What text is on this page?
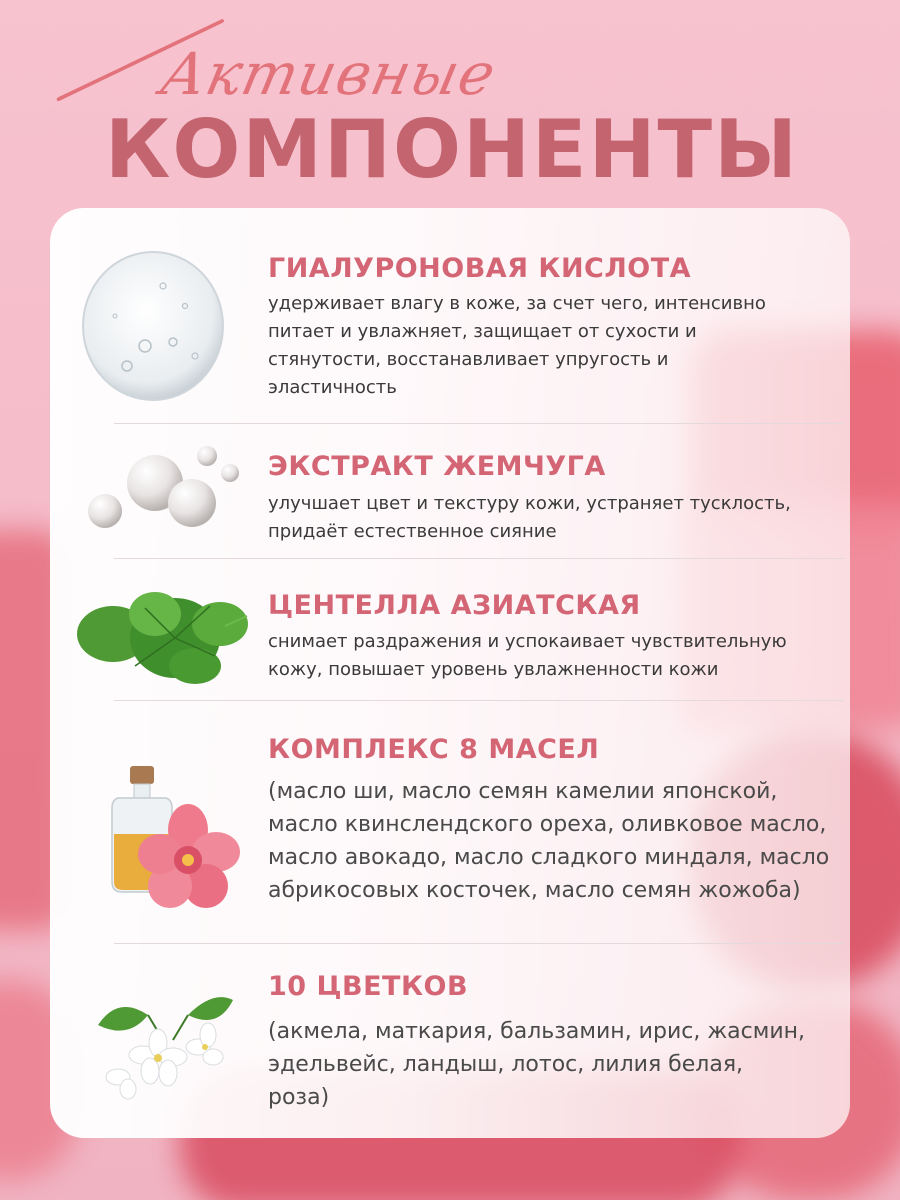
Активные
КОМПОНЕНТЫ
ГИАЛУРОНОВАЯ КИСЛОТА

удерживает влагу в коже, за счет чего, интенсивно питает и увлажняет, защищает от сухости и стянутости, восстанавливает упругость и эластичность

ЭКСТРАКТ ЖЕМЧУГА

улучшает цвет и текстуру кожи, устраняет тусклость, придаёт естественное сияние

ЦЕНТЕЛЛА АЗИАТСКАЯ

снимает раздражения и успокаивает чувствительную кожу, повышает уровень увлажненности кожи

КОМПЛЕКС 8 МАСЕЛ

(масло ши, масло семян камелии японской, масло квинслендского ореха, оливковое масло, масло авокадо, масло сладкого миндаля, масло абрикосовых косточек, масло семян жожоба)

10 ЦВЕТКОВ

(акмела, маткария, бальзамин, ирис, жасмин, эдельвейс, ландыш, лотос, лилия белая, роза)
